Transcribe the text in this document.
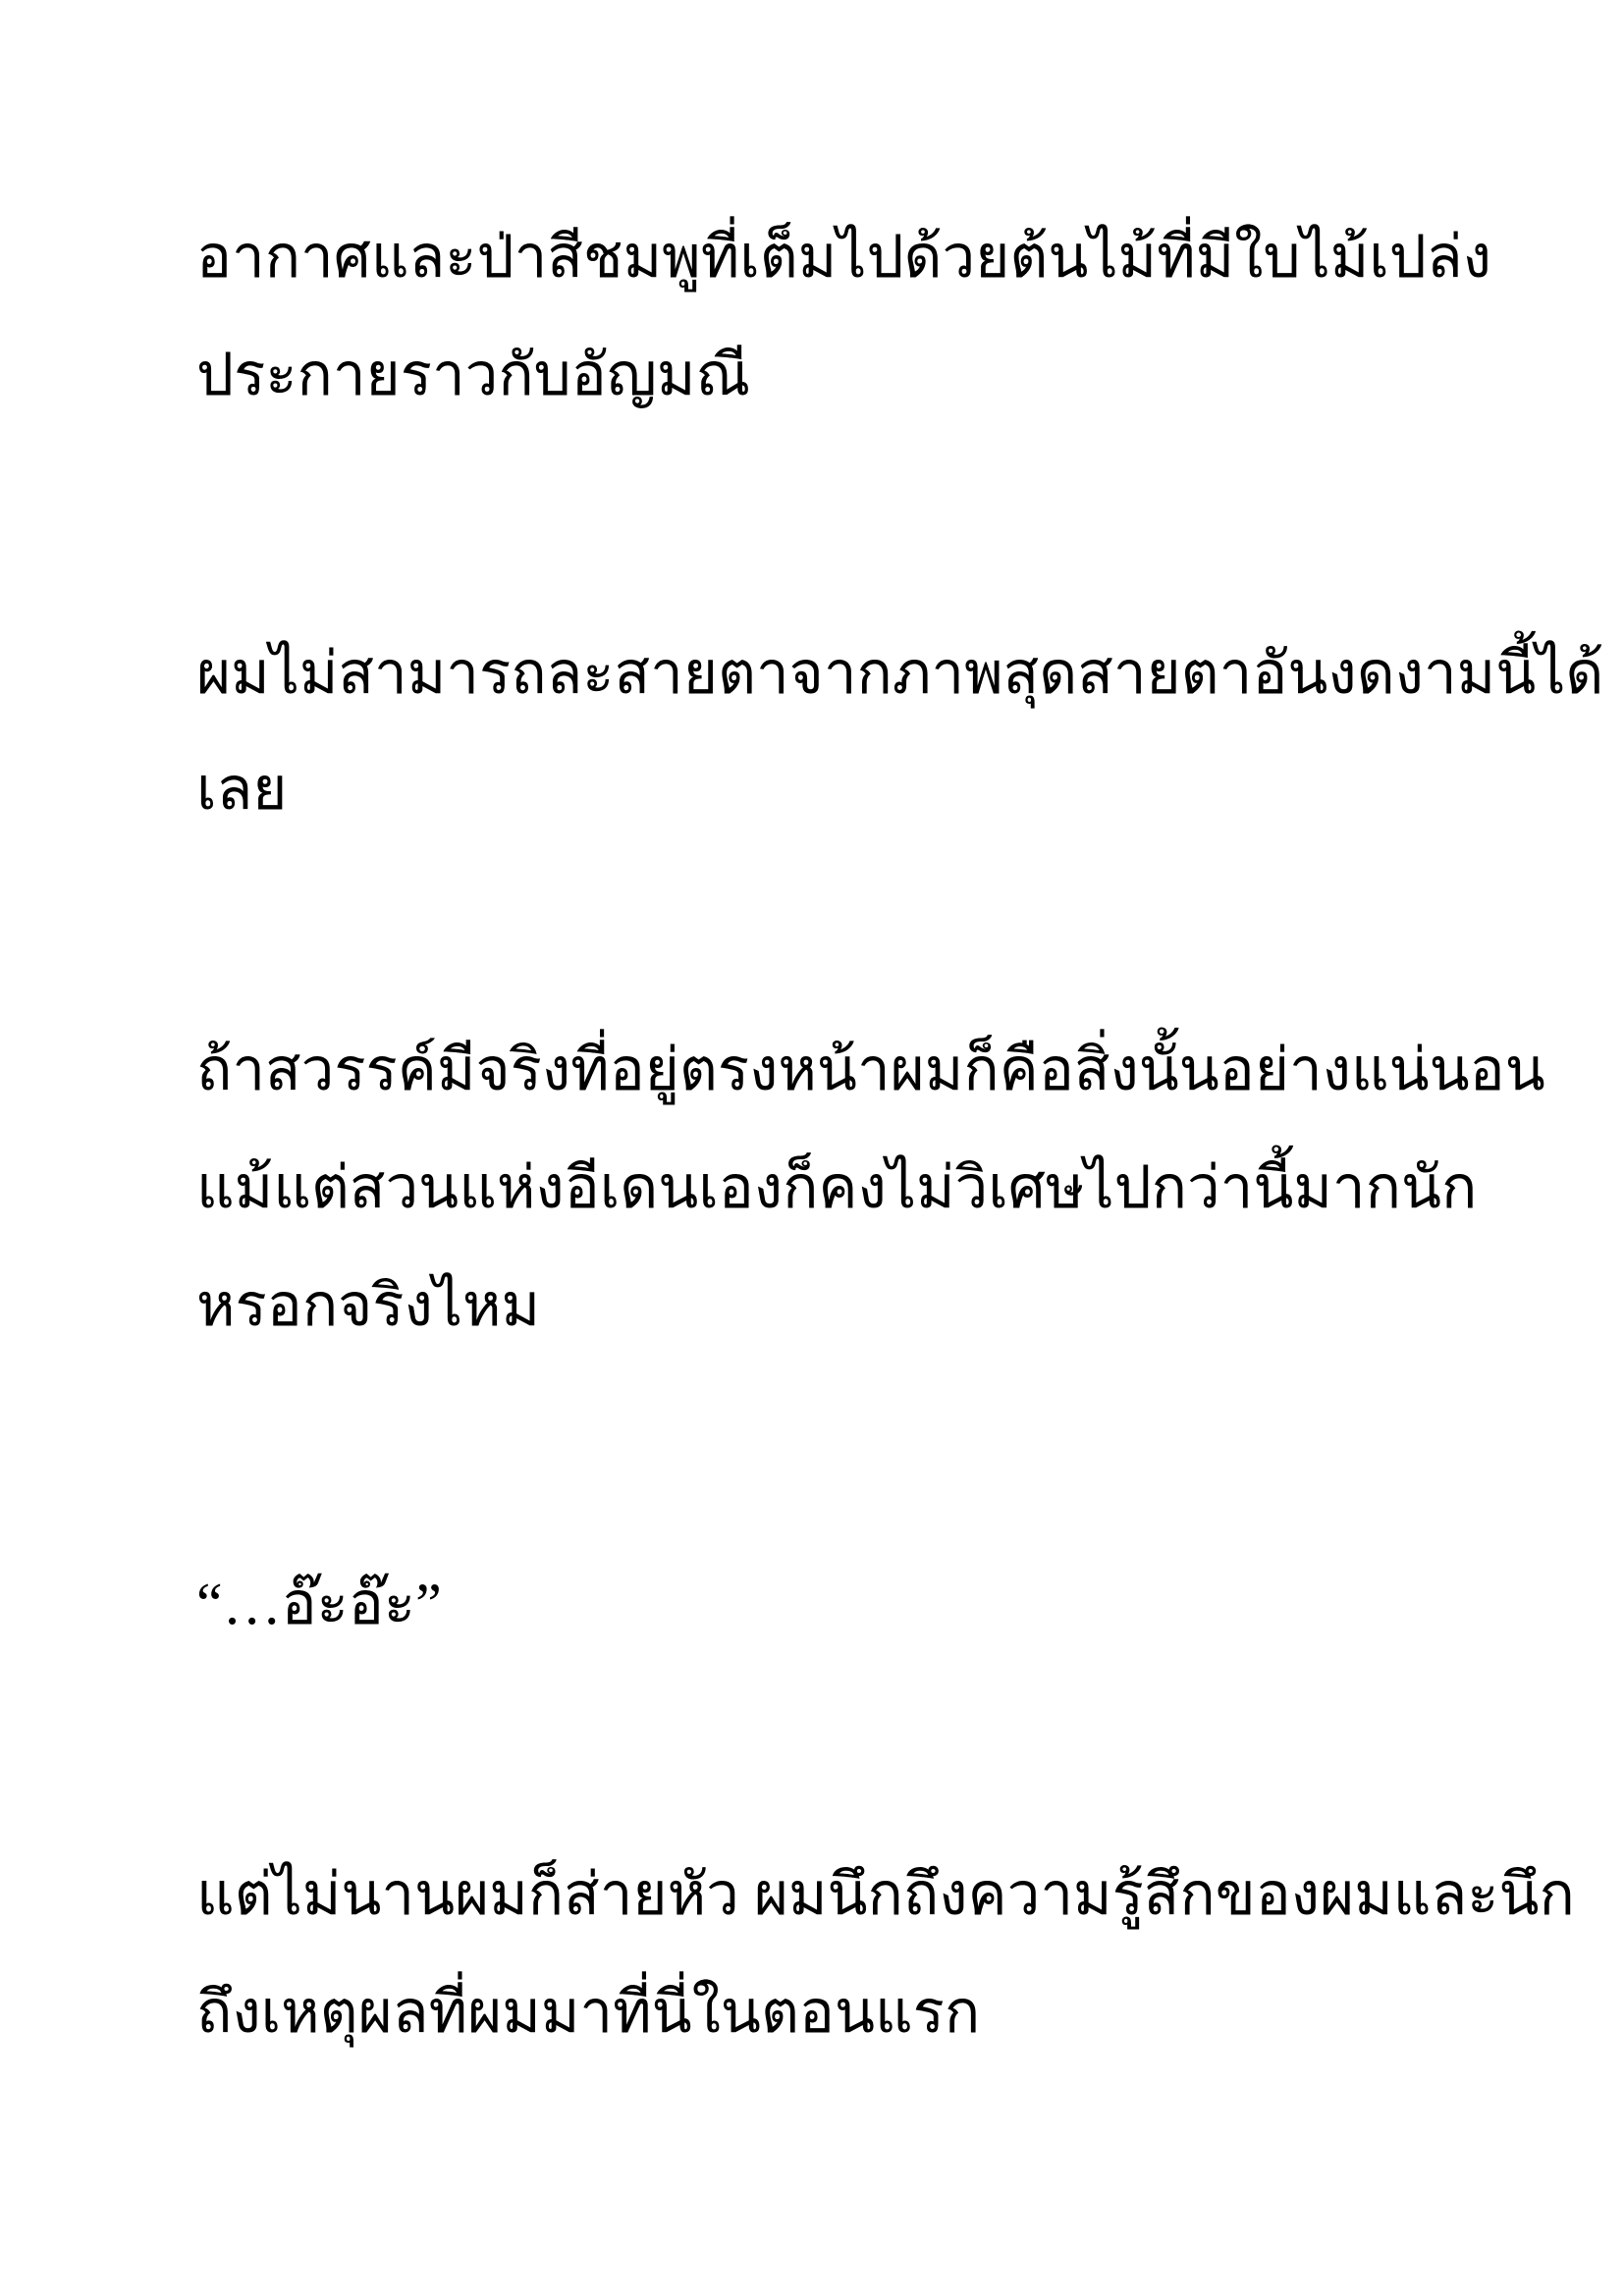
อากาศและป่าสีชมพูที่เต็มไปด้วยต้นไม้ที่มีใบไม้เปล่ง
ประกายราวกับอัญมณี
ผมไม่สามารถละสายตาจากภาพสุดสายตาอันงดงามนี้ได้
เลย
ถ้าสวรรค์มีจริงที่อยู่ตรงหน้าผมก็คือสิ่งนั้นอย่างแน่นอน
แม้แต่สวนแห่งอีเดนเองก็คงไม่วิเศษไปกว่านี้มากนัก
หรอกจริงไหม
“…อ๊ะอ๊ะ”
แต่ไม่นานผมก็ส่ายหัว ผมนึกถึงความรู้สึกของผมและนึก
ถึงเหตุผลที่ผมมาที่นี่ในตอนแรก
